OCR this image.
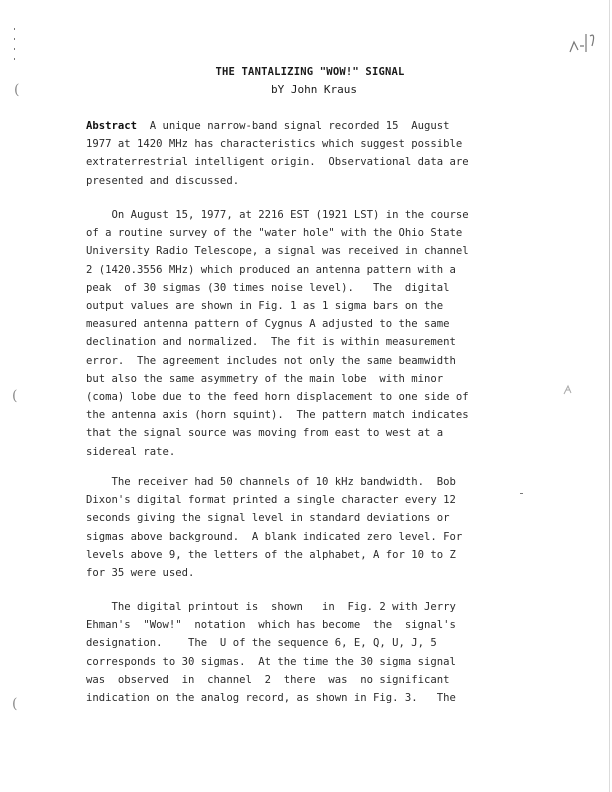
THE TANTALIZING "WOW!" SIGNAL
bY John Kraus
Abstract  A unique narrow-band signal recorded 15  August
1977 at 1420 MHz has characteristics which suggest possible
extraterrestrial intelligent origin.  Observational data are
presented and discussed.
On August 15, 1977, at 2216 EST (1921 LST) in the course
of a routine survey of the "water hole" with the Ohio State
University Radio Telescope, a signal was received in channel
2 (1420.3556 MHz) which produced an antenna pattern with a
peak  of 30 sigmas (30 times noise level).   The  digital
output values are shown in Fig. 1 as 1 sigma bars on the
measured antenna pattern of Cygnus A adjusted to the same
declination and normalized.  The fit is within measurement
error.  The agreement includes not only the same beamwidth
but also the same asymmetry of the main lobe  with minor
(coma) lobe due to the feed horn displacement to one side of
the antenna axis (horn squint).  The pattern match indicates
that the signal source was moving from east to west at a
sidereal rate.
The receiver had 50 channels of 10 kHz bandwidth.  Bob
Dixon's digital format printed a single character every 12
seconds giving the signal level in standard deviations or
sigmas above background.  A blank indicated zero level. For
levels above 9, the letters of the alphabet, A for 10 to Z
for 35 were used.
The digital printout is  shown   in  Fig. 2 with Jerry
Ehman's  "Wow!"  notation  which has become  the  signal's
designation.    The  U of the sequence 6, E, Q, U, J, 5
corresponds to 30 sigmas.  At the time the 30 sigma signal
was  observed  in  channel  2  there  was  no significant
indication on the analog record, as shown in Fig. 3.   The
(
(
(
